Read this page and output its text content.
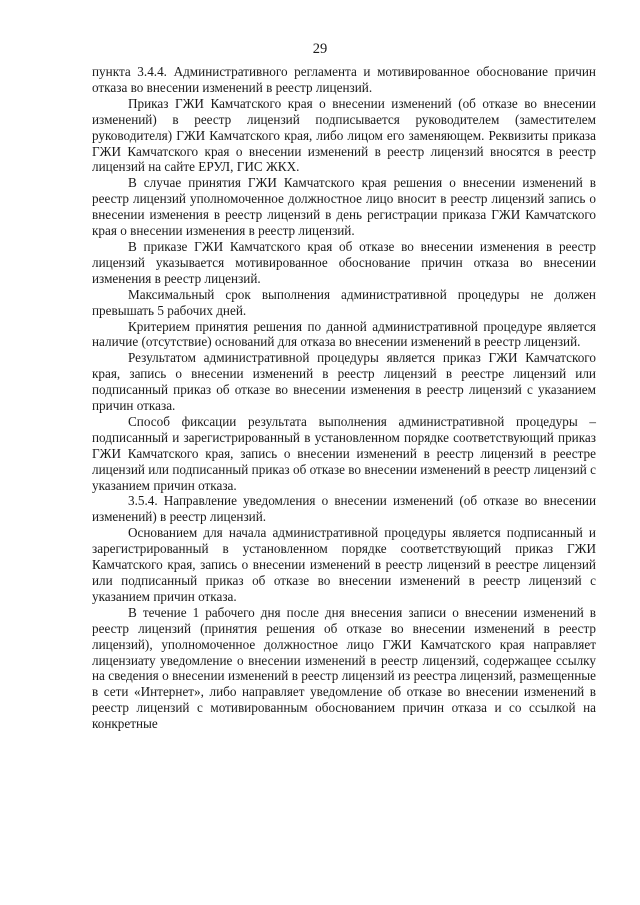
29

пункта 3.4.4. Административного регламента и мотивированное обоснование причин отказа во внесении изменений в реестр лицензий.

Приказ ГЖИ Камчатского края о внесении изменений (об отказе во внесении изменений) в реестр лицензий подписывается руководителем (заместителем руководителя) ГЖИ Камчатского края, либо лицом его заменяющем. Реквизиты приказа ГЖИ Камчатского края о внесении изменений в реестр лицензий вносятся в реестр лицензий на сайте ЕРУЛ, ГИС ЖКХ.

В случае принятия ГЖИ Камчатского края решения о внесении изменений в реестр лицензий уполномоченное должностное лицо вносит в реестр лицензий запись о внесении изменения в реестр лицензий в день регистрации приказа ГЖИ Камчатского края о внесении изменения в реестр лицензий.

В приказе ГЖИ Камчатского края об отказе во внесении изменения в реестр лицензий указывается мотивированное обоснование причин отказа во внесении изменения в реестр лицензий.

Максимальный срок выполнения административной процедуры не должен превышать 5 рабочих дней.

Критерием принятия решения по данной административной процедуре является наличие (отсутствие) оснований для отказа во внесении изменений в реестр лицензий.

Результатом административной процедуры является приказ ГЖИ Камчатского края, запись о внесении изменений в реестр лицензий в реестре лицензий или подписанный приказ об отказе во внесении изменения в реестр лицензий с указанием причин отказа.

Способ фиксации результата выполнения административной процедуры – подписанный и зарегистрированный в установленном порядке соответствующий приказ ГЖИ Камчатского края, запись о внесении изменений в реестр лицензий в реестре лицензий или подписанный приказ об отказе во внесении изменений в реестр лицензий с указанием причин отказа.

3.5.4. Направление уведомления о внесении изменений (об отказе во внесении изменений) в реестр лицензий.

Основанием для начала административной процедуры является подписанный и зарегистрированный в установленном порядке соответствующий приказ ГЖИ Камчатского края, запись о внесении изменений в реестр лицензий в реестре лицензий или подписанный приказ об отказе во внесении изменений в реестр лицензий с указанием причин отказа.

В течение 1 рабочего дня после дня внесения записи о внесении изменений в реестр лицензий (принятия решения об отказе во внесении изменений в реестр лицензий), уполномоченное должностное лицо ГЖИ Камчатского края направляет лицензиату уведомление о внесении изменений в реестр лицензий, содержащее ссылку на сведения о внесении изменений в реестр лицензий из реестра лицензий, размещенные в сети «Интернет», либо направляет уведомление об отказе во внесении изменений в реестр лицензий с мотивированным обоснованием причин отказа и со ссылкой на конкретные
